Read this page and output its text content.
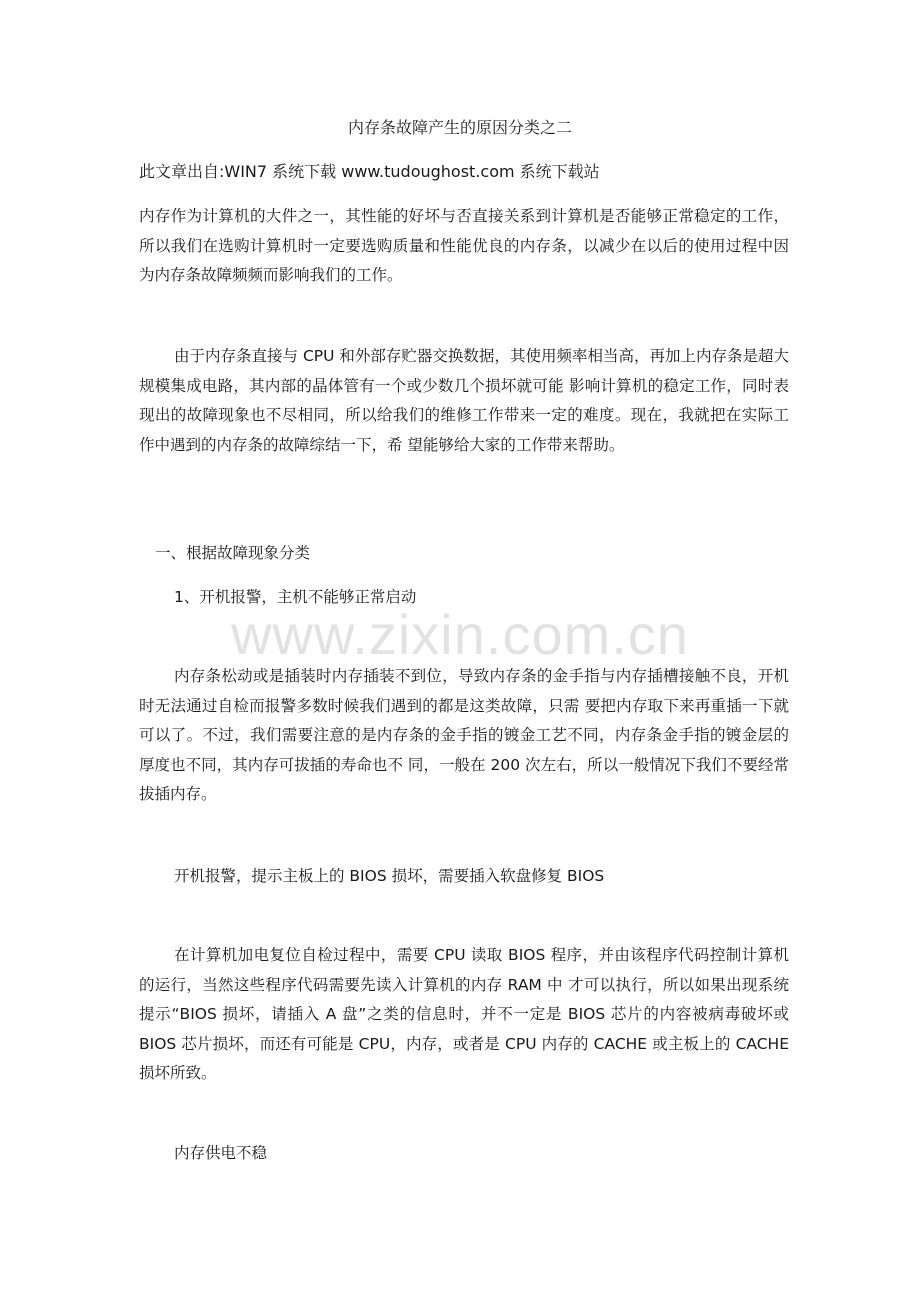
内存条故障产生的原因分类之二

此文章出自:WIN7 系统下载 www.tudoughost.com 系统下载站

内存作为计算机的大件之一，其性能的好坏与否直接关系到计算机是否能够正常稳定的工作，所以我们在选购计算机时一定要选购质量和性能优良的内存条，以减少在以后的使用过程中因为内存条故障频频而影响我们的工作。

由于内存条直接与 CPU 和外部存贮器交换数据，其使用频率相当高，再加上内存条是超大规模集成电路，其内部的晶体管有一个或少数几个损坏就可能 影响计算机的稳定工作，同时表现出的故障现象也不尽相同，所以给我们的维修工作带来一定的难度。现在，我就把在实际工作中遇到的内存条的故障综结一下，希 望能够给大家的工作带来帮助。

一、根据故障现象分类

1、开机报警，主机不能够正常启动

内存条松动或是插装时内存插装不到位，导致内存条的金手指与内存插槽接触不良，开机时无法通过自检而报警多数时候我们遇到的都是这类故障，只需 要把内存取下来再重插一下就可以了。不过，我们需要注意的是内存条的金手指的镀金工艺不同，内存条金手指的镀金层的厚度也不同，其内存可拔插的寿命也不 同，一般在 200 次左右，所以一般情况下我们不要经常拔插内存。

开机报警，提示主板上的 BIOS 损坏，需要插入软盘修复 BIOS

在计算机加电复位自检过程中，需要 CPU 读取 BIOS 程序，并由该程序代码控制计算机的运行，当然这些程序代码需要先读入计算机的内存 RAM 中 才可以执行，所以如果出现系统提示“BIOS 损坏，请插入 A 盘”之类的信息时，并不一定是 BIOS 芯片的内容被病毒破坏或 BIOS 芯片损坏，而还有可能是 CPU，内存，或者是 CPU 内存的 CACHE 或主板上的 CACHE 损坏所致。

内存供电不稳

www.zixin.com.cn
